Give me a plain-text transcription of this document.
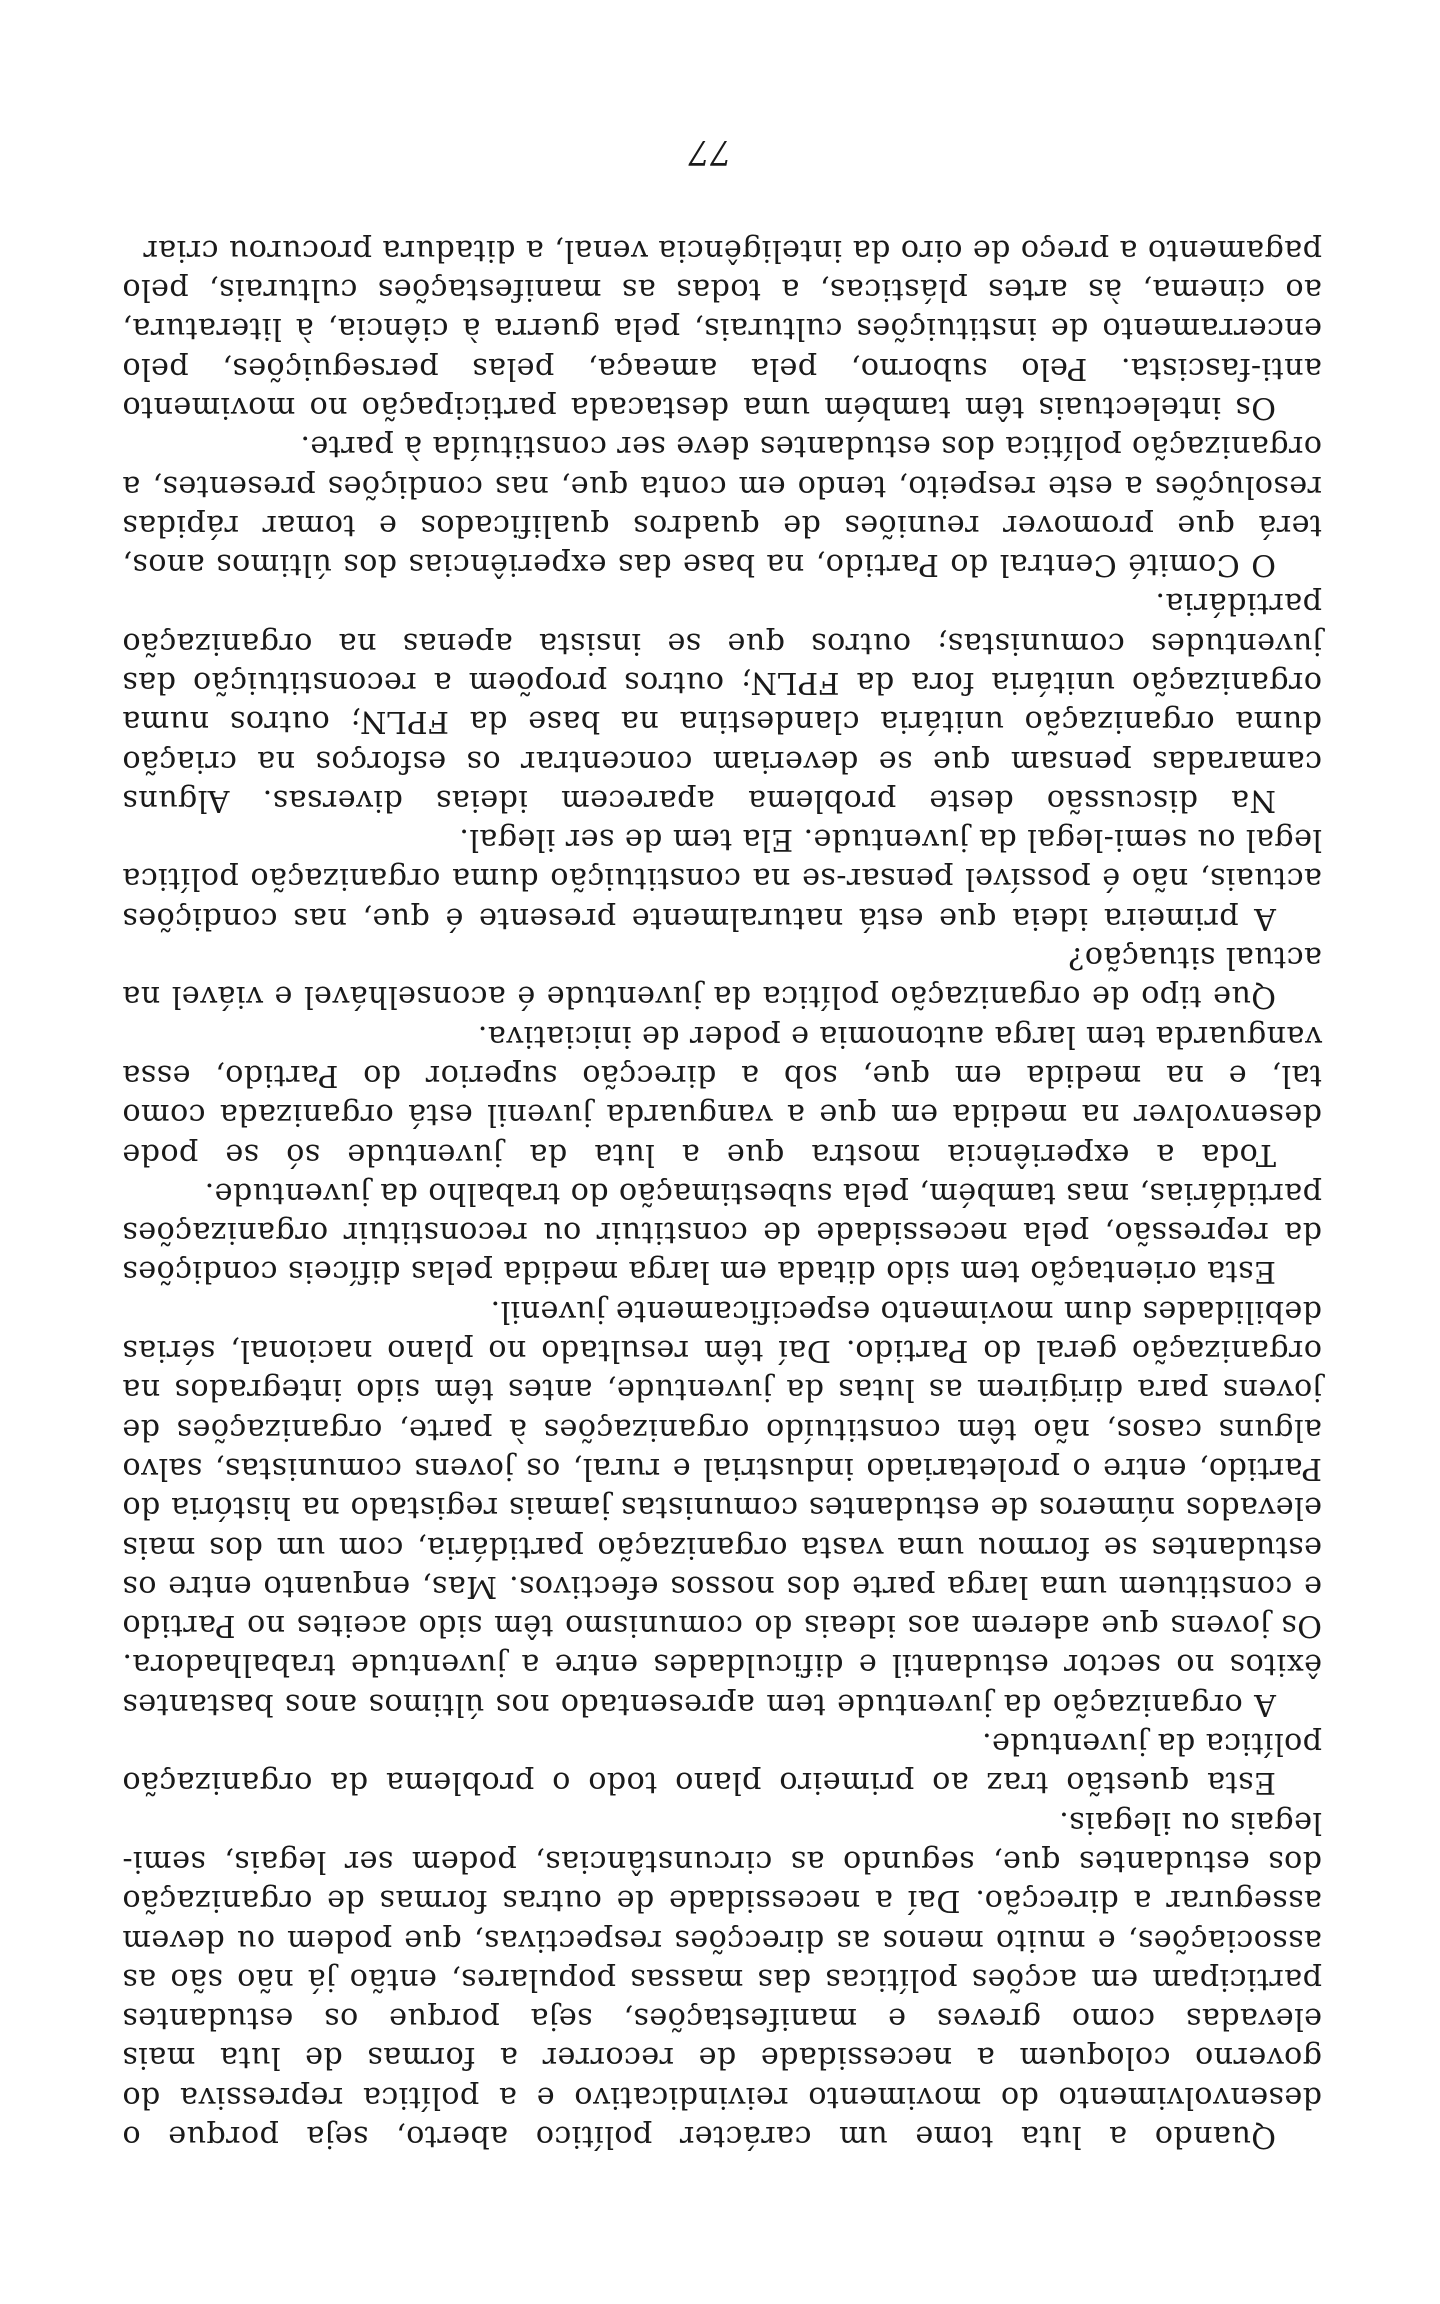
Quando a luta tome um carácter político aberto, seja porque o desenvolvimento do movimento reivindicativo e a política repressiva do governo coloquem a necessidade de recorrer a formas de luta mais elevadas como greves e manifestações, seja porque os estudantes participam em acções políticas das massas populares, então já não são as associações, e muito menos as direcções respectivas, que podem ou devem assegurar a direcção. Daí a necessidade de outras formas de organização dos estudantes que, segundo as circunstâncias, podem ser legais, semi-legais ou ilegais.

Esta questão traz ao primeiro plano todo o problema da organização política da juventude.

A organização da juventude tem apresentado nos últimos anos bastantes êxitos no sector estudantil e dificuldades entre a juventude trabalhadora. Os jovens que aderem aos ideais do comunismo têm sido aceites no Partido e constituem uma larga parte dos nossos efectivos. Mas, enquanto entre os estudantes se formou uma vasta organização partidária, com um dos mais elevados números de estudantes comunistas jamais registado na história do Partido, entre o proletariado industrial e rural, os jovens comunistas, salvo alguns casos, não têm constituído organizações à parte, organizações de jovens para dirigirem as lutas da juventude, antes têm sido integrados na organização geral do Partido. Daí têm resultado no plano nacional, sérias debilidades dum movimento especificamente juvenil.

Esta orientação tem sido ditada em larga medida pelas difíceis condições da repressão, pela necessidade de constituir ou reconstituir organizações partidárias, mas também, pela subestimação do trabalho da juventude.

Toda a experiência mostra que a luta da juventude só se pode desenvolver na medida em que a vanguarda juvenil está organizada como tal, e na medida em que, sob a direcção superior do Partido, essa vanguarda tem larga autonomia e poder de iniciativa.

Que tipo de organização política da juventude é aconselhável e viável na actual situação?

A primeira ideia que está naturalmente presente é que, nas condições actuais, não é possível pensar-se na constituição duma organização política legal ou semi-legal da juventude. Ela tem de ser ilegal.

Na discussão deste problema aparecem ideias diversas. Alguns camaradas pensam que se deveriam concentrar os esforços na criação duma organização unitária clandestina na base da FPLN; outros numa organização unitária fora da FPLN; outros propõem a reconstituição das juventudes comunistas; outros que se insista apenas na organização partidária.

O Comité Central do Partido, na base das experiências dos últimos anos, terá que promover reuniões de quadros qualificados e tomar rápidas resoluções a este respeito, tendo em conta que, nas condições presentes, a organização política dos estudantes deve ser constituída à parte.

Os intelectuais têm também uma destacada participação no movimento anti-fascista. Pelo suborno, pela ameaça, pelas perseguições, pelo encerramento de instituições culturais, pela guerra à ciência, à literatura, ao cinema, às artes plásticas, a todas as manifestações culturais, pelo pagamento a preço de oiro da inteligência venal, a ditadura procurou criar

77
